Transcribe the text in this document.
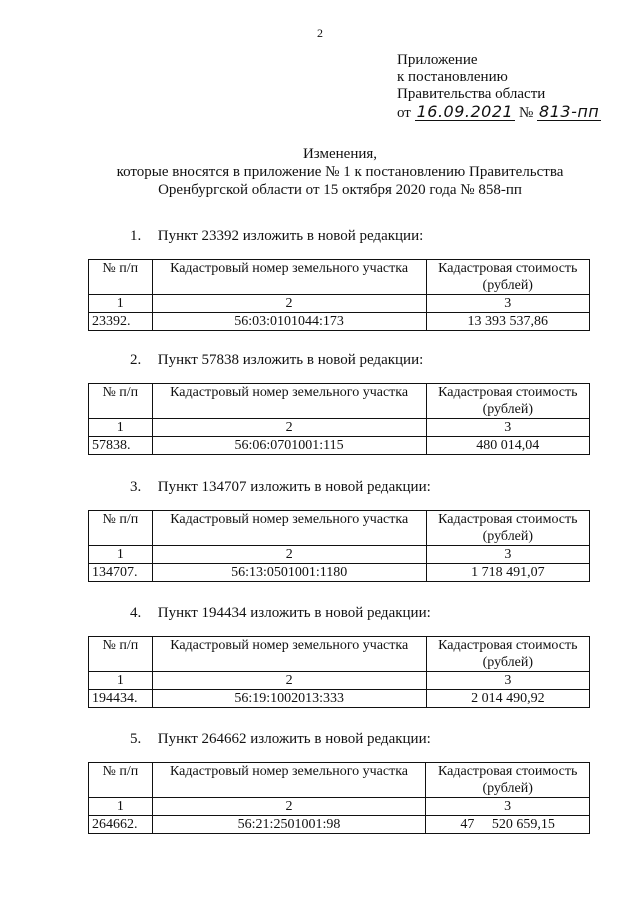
2
Приложение
к постановлению
Правительства области
от 16.09.2021 № 813-пп
Изменения,
которые вносятся в приложение № 1 к постановлению Правительства
Оренбургской области от 15 октября 2020 года № 858-пп
1. Пункт 23392 изложить в новой редакции:
№ п/п	Кадастровый номер земельного участка	Кадастровая стоимость (рублей)
1	2	3
23392.	56:03:0101044:173	13 393 537,86
2. Пункт 57838 изложить в новой редакции:
№ п/п	Кадастровый номер земельного участка	Кадастровая стоимость (рублей)
1	2	3
57838.	56:06:0701001:115	480 014,04
3. Пункт 134707 изложить в новой редакции:
№ п/п	Кадастровый номер земельного участка	Кадастровая стоимость (рублей)
1	2	3
134707.	56:13:0501001:1180	1 718 491,07
4. Пункт 194434 изложить в новой редакции:
№ п/п	Кадастровый номер земельного участка	Кадастровая стоимость (рублей)
1	2	3
194434.	56:19:1002013:333	2 014 490,92
5. Пункт 264662 изложить в новой редакции:
№ п/п	Кадастровый номер земельного участка	Кадастровая стоимость (рублей)
1	2	3
264662.	56:21:2501001:98	47     520 659,15
